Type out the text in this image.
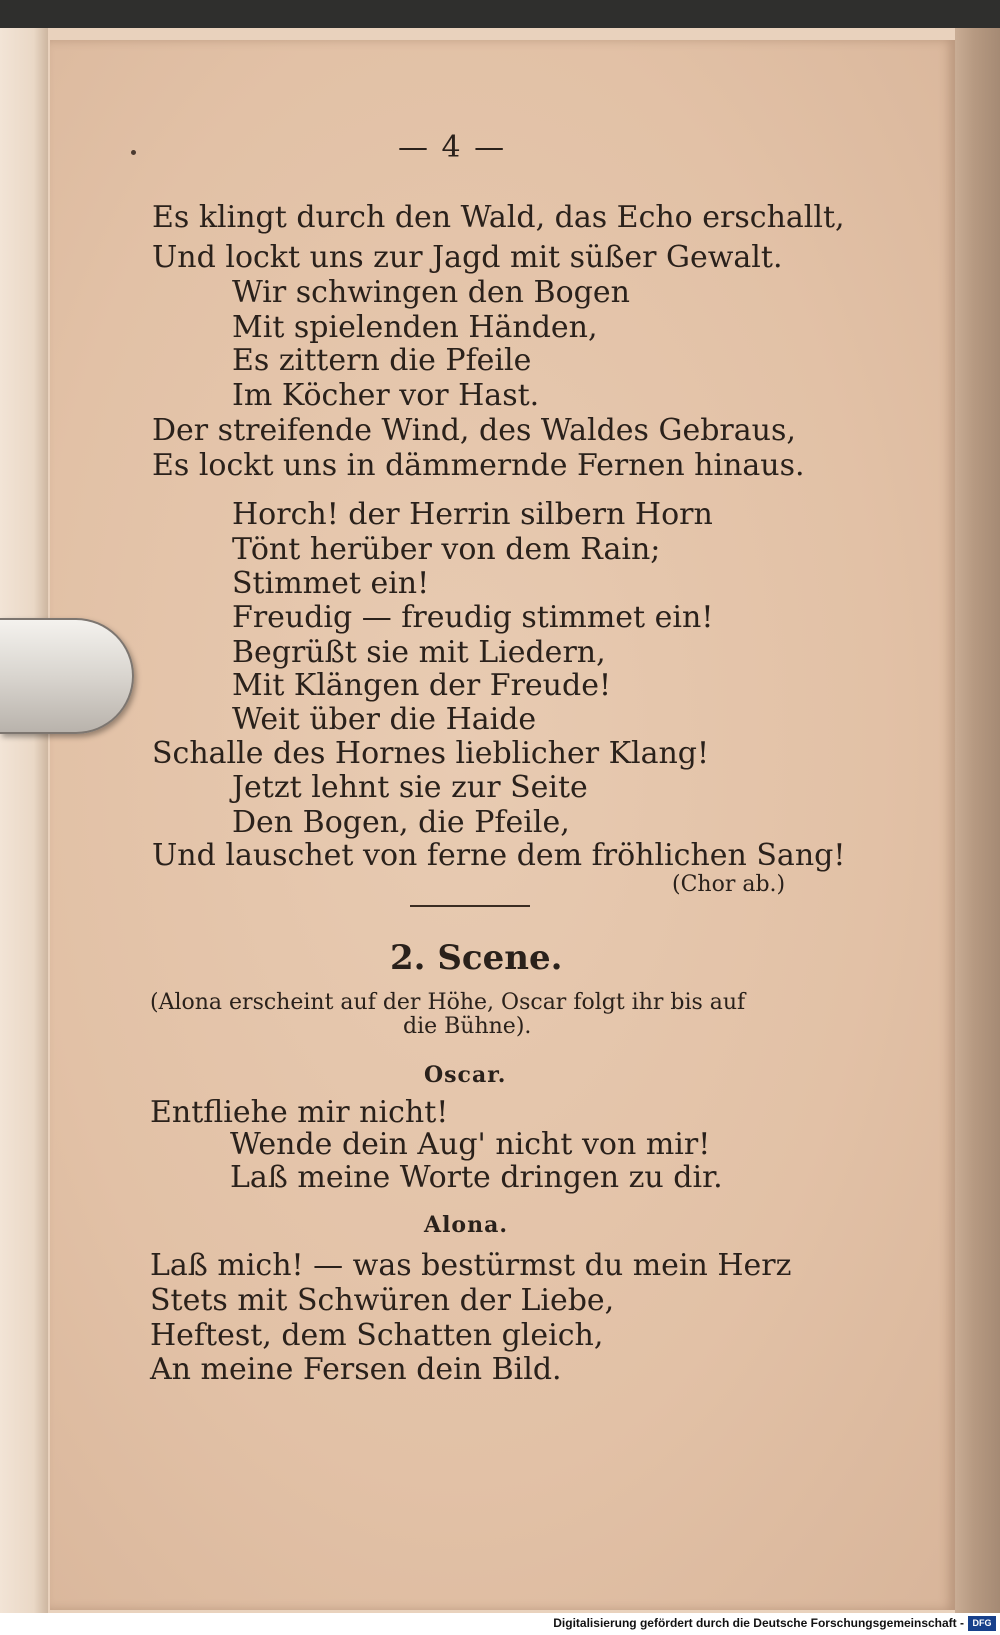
— 4 —
Es klingt durch den Wald, das Echo erschallt,
Und lockt uns zur Jagd mit süßer Gewalt.
Wir schwingen den Bogen
Mit spielenden Händen,
Es zittern die Pfeile
Im Köcher vor Hast.
Der streifende Wind, des Waldes Gebraus,
Es lockt uns in dämmernde Fernen hinaus.
Horch! der Herrin silbern Horn
Tönt herüber von dem Rain;
Stimmet ein!
Freudig — freudig stimmet ein!
Begrüßt sie mit Liedern,
Mit Klängen der Freude!
Weit über die Haide
Schalle des Hornes lieblicher Klang!
Jetzt lehnt sie zur Seite
Den Bogen, die Pfeile,
Und lauschet von ferne dem fröhlichen Sang!
(Chor ab.)
2. Scene.
(Alona erscheint auf der Höhe, Oscar folgt ihr bis auf
die Bühne).
Oscar.
Entfliehe mir nicht!
Wende dein Aug' nicht von mir!
Laß meine Worte dringen zu dir.
Alona.
Laß mich! — was bestürmst du mein Herz
Stets mit Schwüren der Liebe,
Heftest, dem Schatten gleich,
An meine Fersen dein Bild.
Digitalisierung gefördert durch die Deutsche Forschungsgemeinschaft - DFG
